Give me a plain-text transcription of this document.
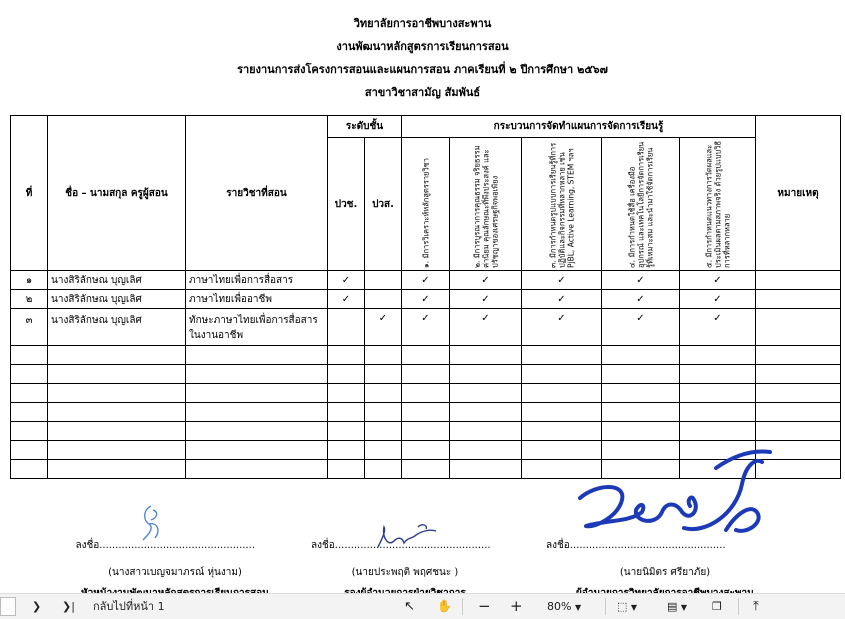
วิทยาลัยการอาชีพบางสะพาน
งานพัฒนาหลักสูตรการเรียนการสอน
รายงานการส่งโครงการสอนและแผนการสอน ภาคเรียนที่ ๒ ปีการศึกษา ๒๕๖๗
สาขาวิชาสามัญ สัมพันธ์
ที่	ชื่อ – นามสกุล ครูผู้สอน	รายวิชาที่สอน	ระดับชั้น		กระบวนการจัดทำแผนการจัดการเรียนรู้					หมายเหตุ
			ปวช.	ปวส.	๑. มีการวิเคราะห์หลักสูตรรายวิชา	๒. มีการบูรณาการคุณธรรม จริยธรรม ค่านิยม คุณลักษณะที่พึงประสงค์ และปรัชญาของเศรษฐกิจพอเพียง	๓. มีการกำหนดรูปแบบการเรียนรู้ที่การปฏิบัติและกิจกรรมที่หลากหลาย เช่น PjBL, Active Learning, STEM ฯลฯ	๔. มีการกำหนดใช้สื่อ เครื่องมือ อุปกรณ์ และเทคโนโลยีการจัดการเรียนรู้ที่เหมาะสม และนำมาใช้จัดการเรียน	๕. มีการกำหนดแนวทางการวัดผลและประเมินผลตามสภาพจริง ด้วยรูปแบบวิธีการที่หลากหลาย	

๑	นางสิริลักษณ บุญเลิศ	ภาษาไทยเพื่อการสื่อสาร	✓		✓	✓	✓	✓	✓	
๒	นางสิริลักษณ บุญเลิศ	ภาษาไทยเพื่ออาชีพ	✓		✓	✓	✓	✓	✓	
๓	นางสิริลักษณ บุญเลิศ	ทักษะภาษาไทยเพื่อการสื่อสารในงานอาชีพ		✓	✓	✓	✓	✓	✓	

ลงชื่อ.................................................
(นางสาวเบญจมาภรณ์ หุ่นงาม)
ลงชื่อ.................................................
(นายประพฤติ พฤศชนะ )
ลงชื่อ.................................................
(นายนิมิตร ศรียาภัย)
❯ ❯| กลับไปที่หน้า 1	↖ ✋ − + 80% ▼	⬚ ▼	▤ ▼ ❐ ⤒
